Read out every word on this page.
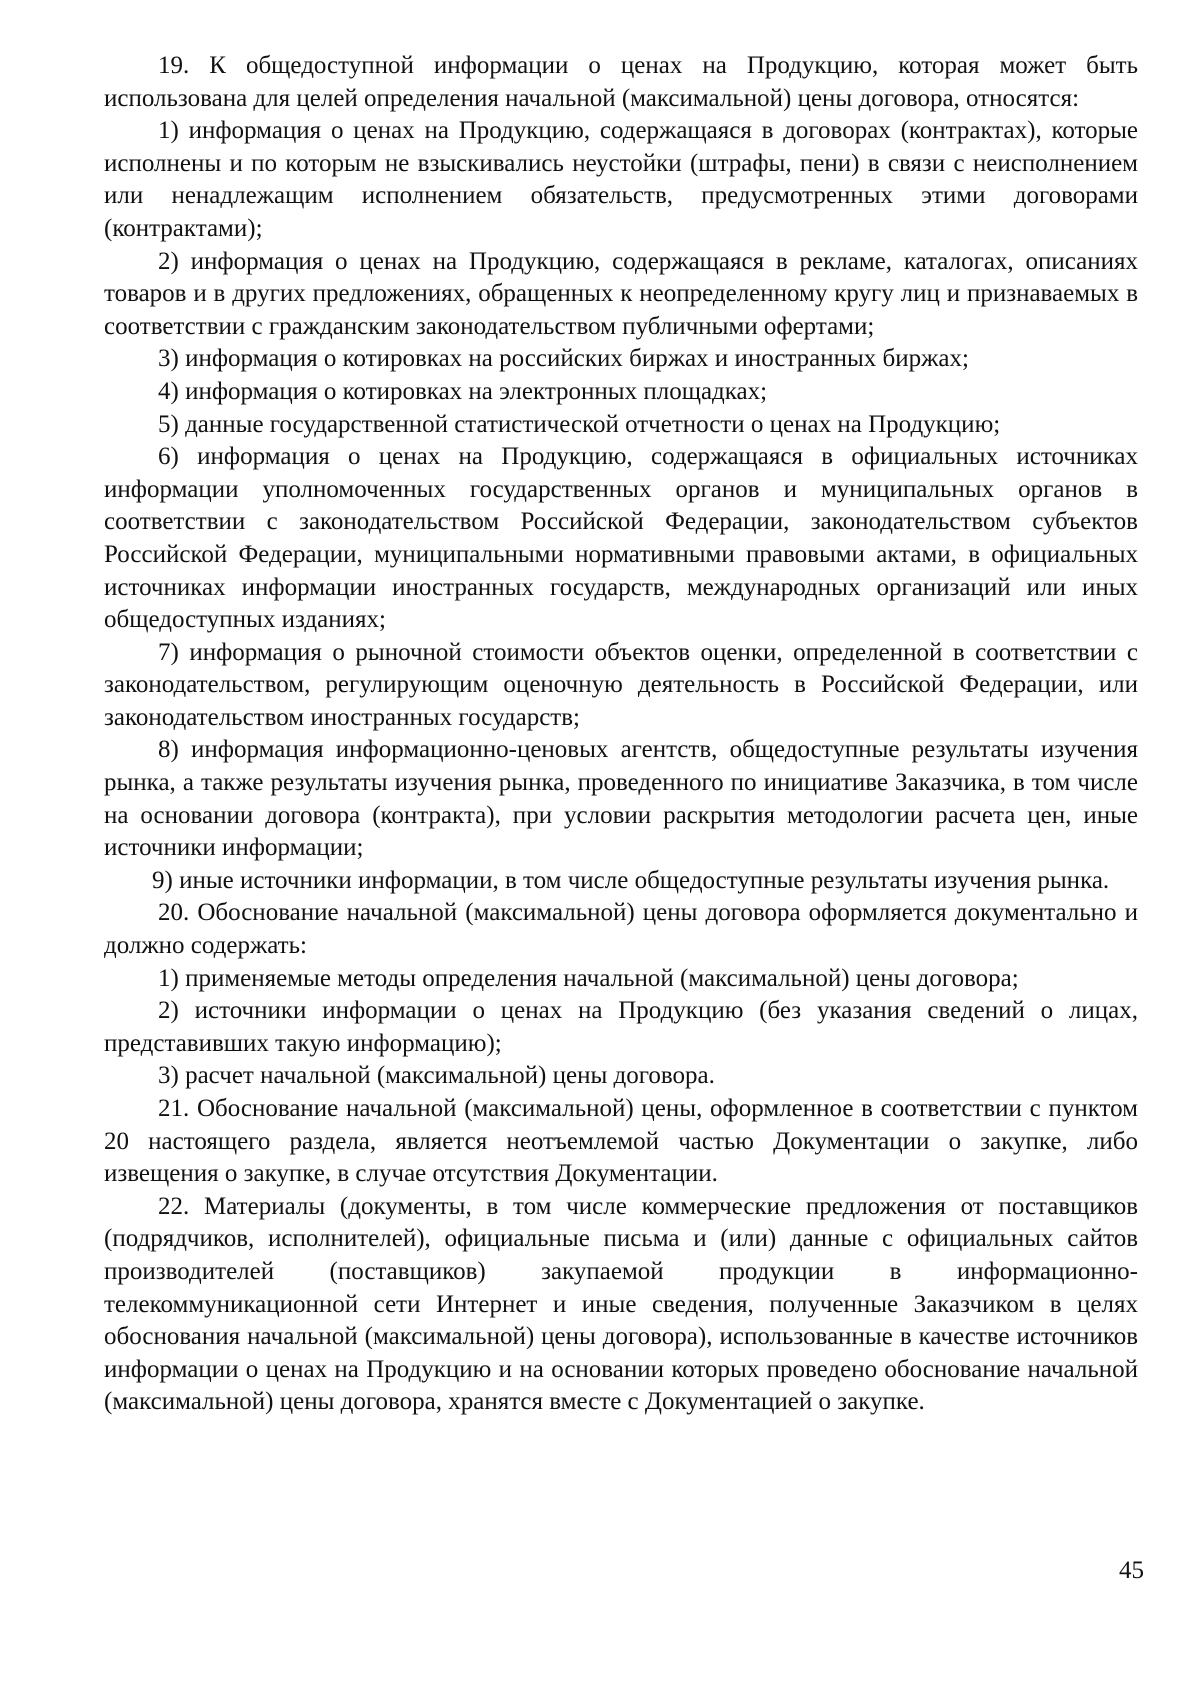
19. К общедоступной информации о ценах на Продукцию, которая может быть использована для целей определения начальной (максимальной) цены договора, относятся:

1) информация о ценах на Продукцию, содержащаяся в договорах (контрактах), которые исполнены и по которым не взыскивались неустойки (штрафы, пени) в связи с неисполнением или ненадлежащим исполнением обязательств, предусмотренных этими договорами (контрактами);

2) информация о ценах на Продукцию, содержащаяся в рекламе, каталогах, описаниях товаров и в других предложениях, обращенных к неопределенному кругу лиц и признаваемых в соответствии с гражданским законодательством публичными офертами;

3) информация о котировках на российских биржах и иностранных биржах;

4) информация о котировках на электронных площадках;

5) данные государственной статистической отчетности о ценах на Продукцию;

6) информация о ценах на Продукцию, содержащаяся в официальных источниках информации уполномоченных государственных органов и муниципальных органов в соответствии с законодательством Российской Федерации, законодательством субъектов Российской Федерации, муниципальными нормативными правовыми актами, в официальных источниках информации иностранных государств, международных организаций или иных общедоступных изданиях;

7) информация о рыночной стоимости объектов оценки, определенной в соответствии с законодательством, регулирующим оценочную деятельность в Российской Федерации, или законодательством иностранных государств;

8) информация информационно-ценовых агентств, общедоступные результаты изучения рынка, а также результаты изучения рынка, проведенного по инициативе Заказчика, в том числе на основании договора (контракта), при условии раскрытия методологии расчета цен, иные источники информации;

9) иные источники информации, в том числе общедоступные результаты изучения рынка.

20. Обоснование начальной (максимальной) цены договора оформляется документально и должно содержать:

1) применяемые методы определения начальной (максимальной) цены договора;

2) источники информации о ценах на Продукцию (без указания сведений о лицах, представивших такую информацию);

3) расчет начальной (максимальной) цены договора.

21. Обоснование начальной (максимальной) цены, оформленное в соответствии с пунктом 20 настоящего раздела, является неотъемлемой частью Документации о закупке, либо извещения о закупке, в случае отсутствия Документации.

22. Материалы (документы, в том числе коммерческие предложения от поставщиков (подрядчиков, исполнителей), официальные письма и (или) данные с официальных сайтов производителей (поставщиков) закупаемой продукции в информационно-телекоммуникационной сети Интернет и иные сведения, полученные Заказчиком в целях обоснования начальной (максимальной) цены договора), использованные в качестве источников информации о ценах на Продукцию и на основании которых проведено обоснование начальной (максимальной) цены договора, хранятся вместе с Документацией о закупке.

45
